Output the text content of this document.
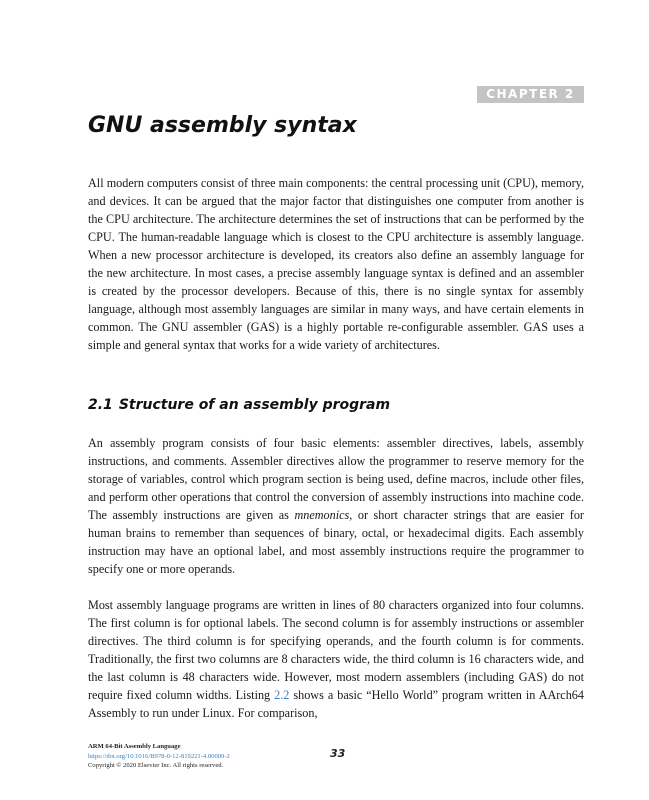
CHAPTER 2
GNU assembly syntax

All modern computers consist of three main components: the central processing unit (CPU), memory, and devices. It can be argued that the major factor that distinguishes one computer from another is the CPU architecture. The architecture determines the set of instructions that can be performed by the CPU. The human-readable language which is closest to the CPU architecture is assembly language. When a new processor architecture is developed, its creators also define an assembly language for the new architecture. In most cases, a precise assembly language syntax is defined and an assembler is created by the processor developers. Because of this, there is no single syntax for assembly language, although most assembly languages are similar in many ways, and have certain elements in common. The GNU assembler (GAS) is a highly portable re-configurable assembler. GAS uses a simple and general syntax that works for a wide variety of architectures.

2.1 Structure of an assembly program

An assembly program consists of four basic elements: assembler directives, labels, assembly instructions, and comments. Assembler directives allow the programmer to reserve memory for the storage of variables, control which program section is being used, define macros, include other files, and perform other operations that control the conversion of assembly instructions into machine code. The assembly instructions are given as mnemonics, or short character strings that are easier for human brains to remember than sequences of binary, octal, or hexadecimal digits. Each assembly instruction may have an optional label, and most assembly instructions require the programmer to specify one or more operands.

Most assembly language programs are written in lines of 80 characters organized into four columns. The first column is for optional labels. The second column is for assembly instructions or assembler directives. The third column is for specifying operands, and the fourth column is for comments. Traditionally, the first two columns are 8 characters wide, the third column is 16 characters wide, and the last column is 48 characters wide. However, most modern assemblers (including GAS) do not require fixed column widths. Listing 2.2 shows a basic “Hello World” program written in AArch64 Assembly to run under Linux. For comparison,

ARM 64-Bit Assembly Language
https://doi.org/10.1016/B978-0-12-819221-4.00009-2
Copyright © 2020 Elsevier Inc. All rights reserved.
33
